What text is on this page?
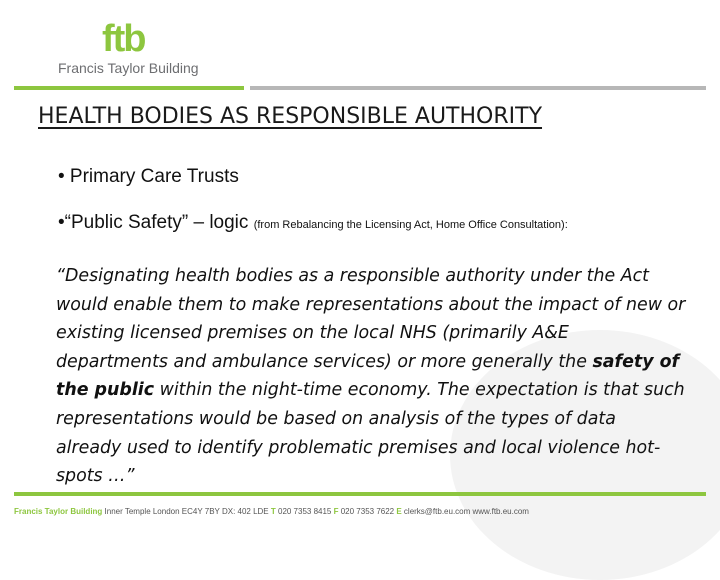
ftb
Francis Taylor Building
HEALTH BODIES AS RESPONSIBLE AUTHORITY
• Primary Care Trusts
•“Public Safety” – logic (from Rebalancing the Licensing Act, Home Office Consultation):
“Designating health bodies as a responsible authority under the Act would enable them to make representations about the impact of new or existing licensed premises on the local NHS (primarily A&E departments and ambulance services) or more generally the safety of the public within the night-time economy. The expectation is that such representations would be based on analysis of the types of data already used to identify problematic premises and local violence hot-spots …”
Francis Taylor Building Inner Temple London EC4Y 7BY DX: 402 LDE T 020 7353 8415 F 020 7353 7622 E clerks@ftb.eu.com www.ftb.eu.com
